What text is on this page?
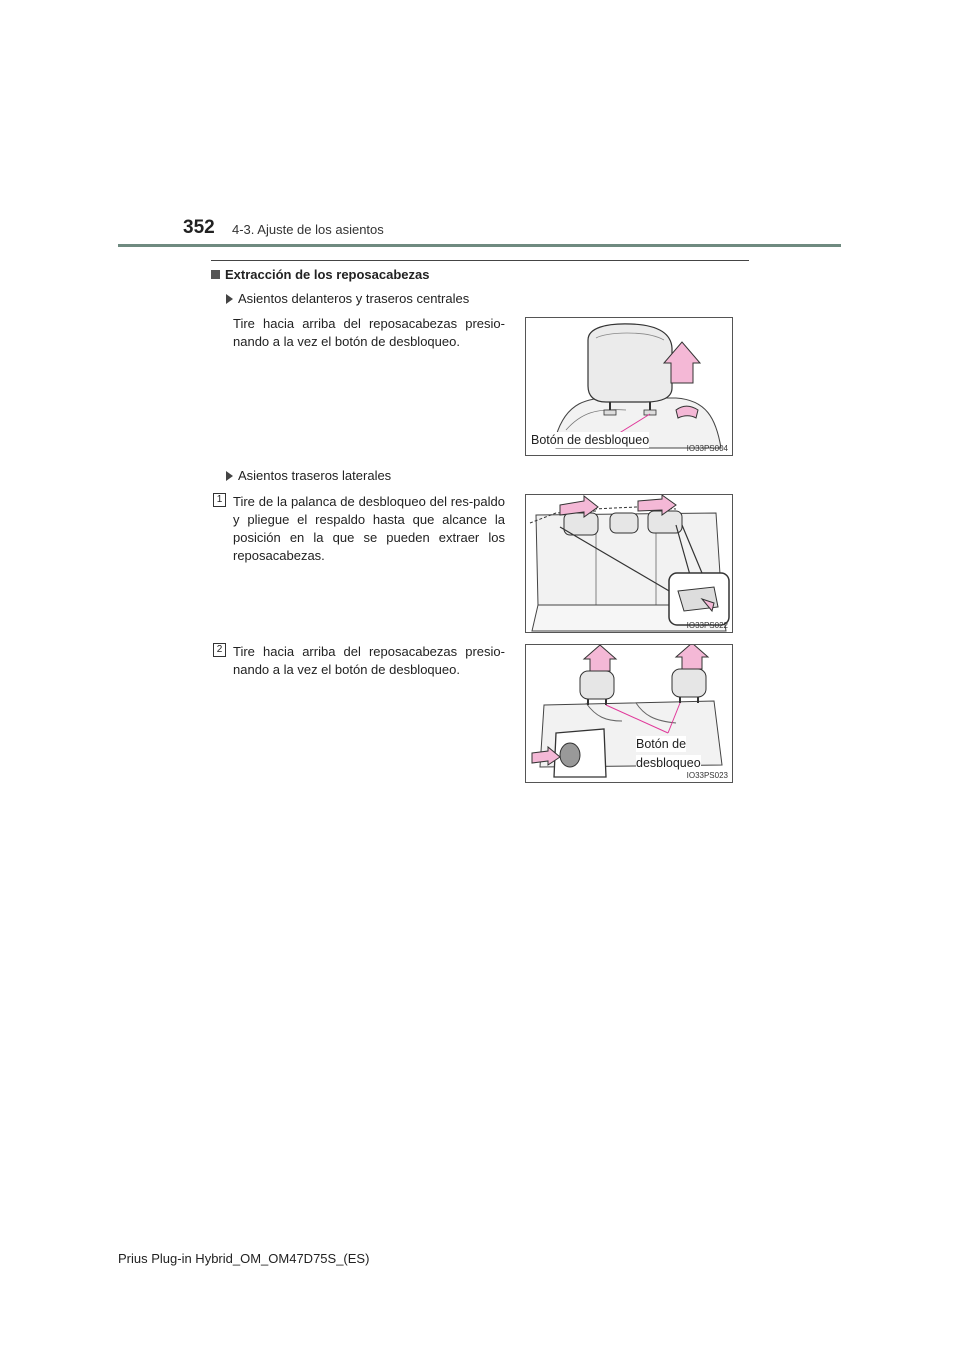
352 4-3. Ajuste de los asientos
Extracción de los reposacabezas
Asientos delanteros y traseros centrales
Tire hacia arriba del reposacabezas presio-nando a la vez el botón de desbloqueo.
Botón de desbloqueo
IO33PS004
Asientos traseros laterales
1 Tire de la palanca de desbloqueo del res-paldo y pliegue el respaldo hasta que alcance la posición en la que se pueden extraer los reposacabezas.
IO33PS022
2 Tire hacia arriba del reposacabezas presio-nando a la vez el botón de desbloqueo.
Botón de
desbloqueo
IO33PS023
Prius Plug-in Hybrid_OM_OM47D75S_(ES)
